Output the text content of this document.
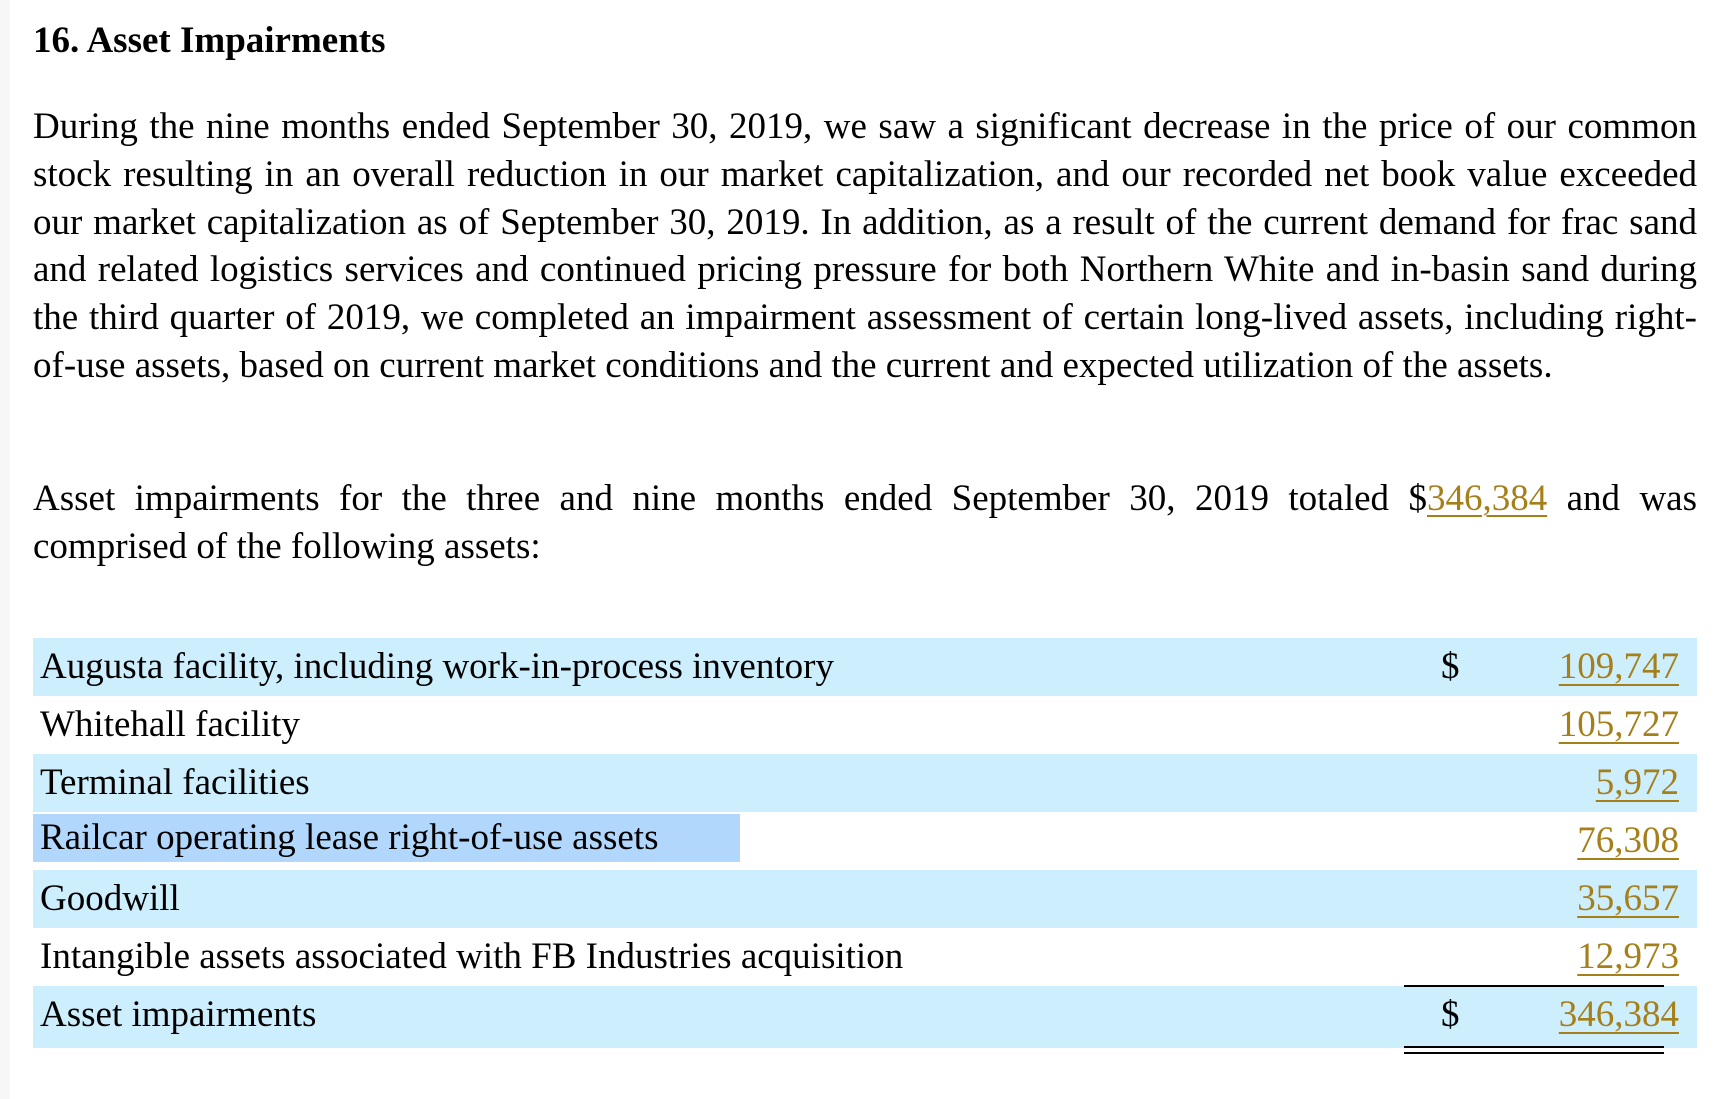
16. Asset Impairments

During the nine months ended September 30, 2019, we saw a significant decrease in the price of our common stock resulting in an overall reduction in our market capitalization, and our recorded net book value exceeded our market capitalization as of September 30, 2019. In addition, as a result of the current demand for frac sand and related logistics services and continued pricing pressure for both Northern White and in-basin sand during the third quarter of 2019, we completed an impairment assessment of certain long-lived assets, including right-of-use assets, based on current market conditions and the current and expected utilization of the assets.

Asset impairments for the three and nine months ended September 30, 2019 totaled $346,384 and was comprised of the following assets:

Augusta facility, including work-in-process inventory	$	109,747
Whitehall facility	105,727
Terminal facilities	5,972
Railcar operating lease right-of-use assets	76,308
Goodwill	35,657
Intangible assets associated with FB Industries acquisition	12,973
Asset impairments	$	346,384
